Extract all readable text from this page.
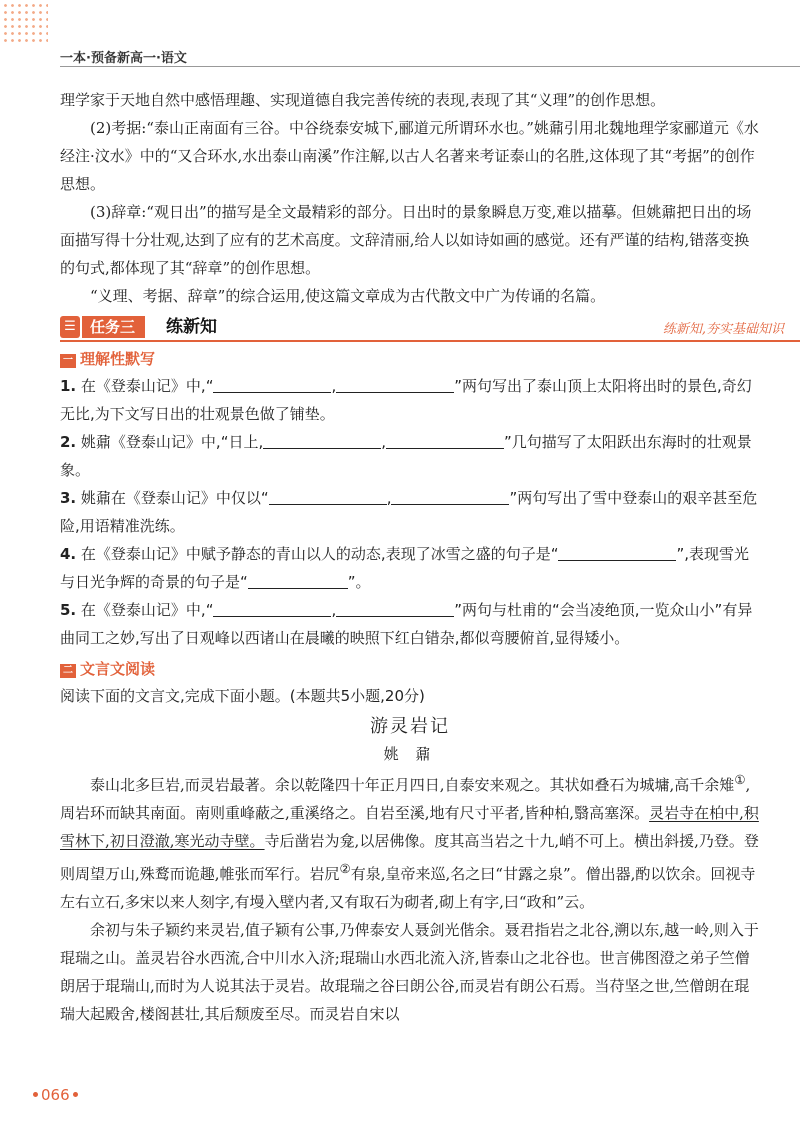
一本·预备新高一·语文

理学家于天地自然中感悟理趣、实现道德自我完善传统的表现,表现了其“义理”的创作思想。

(2)考据:“泰山正南面有三谷。中谷绕泰安城下,郦道元所谓环水也。”姚鼐引用北魏地理学家郦道元《水经注·汶水》中的“又合环水,水出泰山南溪”作注解,以古人名著来考证泰山的名胜,这体现了其“考据”的创作思想。

(3)辞章:“观日出”的描写是全文最精彩的部分。日出时的景象瞬息万变,难以描摹。但姚鼐把日出的场面描写得十分壮观,达到了应有的艺术高度。文辞清丽,给人以如诗如画的感觉。还有严谨的结构,错落变换的句式,都体现了其“辞章”的创作思想。

“义理、考据、辞章”的综合运用,使这篇文章成为古代散文中广为传诵的名篇。

☰ 任务三	练新知	练新知,夯实基础知识
一 理解性默写

1. 在《登泰山记》中,“	,	”两句写出了泰山顶上太阳将出时的景色,奇幻无比,为下文写日出的壮观景色做了铺垫。

2. 姚鼐《登泰山记》中,“日上,	,	”几句描写了太阳跃出东海时的壮观景象。

3. 姚鼐在《登泰山记》中仅以“	,	”两句写出了雪中登泰山的艰辛甚至危险,用语精准洗练。

4. 在《登泰山记》中赋予静态的青山以人的动态,表现了冰雪之盛的句子是“	”,表现雪光与日光争辉的奇景的句子是“	”。

5. 在《登泰山记》中,“	,	”两句与杜甫的“会当凌绝顶,一览众山小”有异曲同工之妙,写出了日观峰以西诸山在晨曦的映照下红白错杂,都似弯腰俯首,显得矮小。

二 文言文阅读

阅读下面的文言文,完成下面小题。(本题共5小题,20分)

游灵岩记

姚 鼐

泰山北多巨岩,而灵岩最著。余以乾隆四十年正月四日,自泰安来观之。其状如叠石为城墉,高千余雉①,周岩环而缺其南面。南则重峰蔽之,重溪络之。自岩至溪,地有尺寸平者,皆种柏,翳高塞深。灵岩寺在柏中,积雪林下,初日澄澈,寒光动寺壁。寺后凿岩为龛,以居佛像。度其高当岩之十九,峭不可上。横出斜援,乃登。登则周望万山,殊鹜而诡趣,帷张而军行。岩凥②有泉,皇帝来巡,名之曰“甘露之泉”。僧出器,酌以饮余。回视寺左右立石,多宋以来人刻字,有墁入壁内者,又有取石为砌者,砌上有字,曰“政和”云。

余初与朱子颖约来灵岩,值子颖有公事,乃俾泰安人聂剑光偕余。聂君指岩之北谷,溯以东,越一岭,则入于琨瑞之山。盖灵岩谷水西流,合中川水入济;琨瑞山水西北流入济,皆泰山之北谷也。世言佛图澄之弟子竺僧朗居于琨瑞山,而时为人说其法于灵岩。故琨瑞之谷曰朗公谷,而灵岩有朗公石焉。当苻坚之世,竺僧朗在琨瑞大起殿舍,楼阁甚壮,其后颓废至尽。而灵岩自宋以

066
